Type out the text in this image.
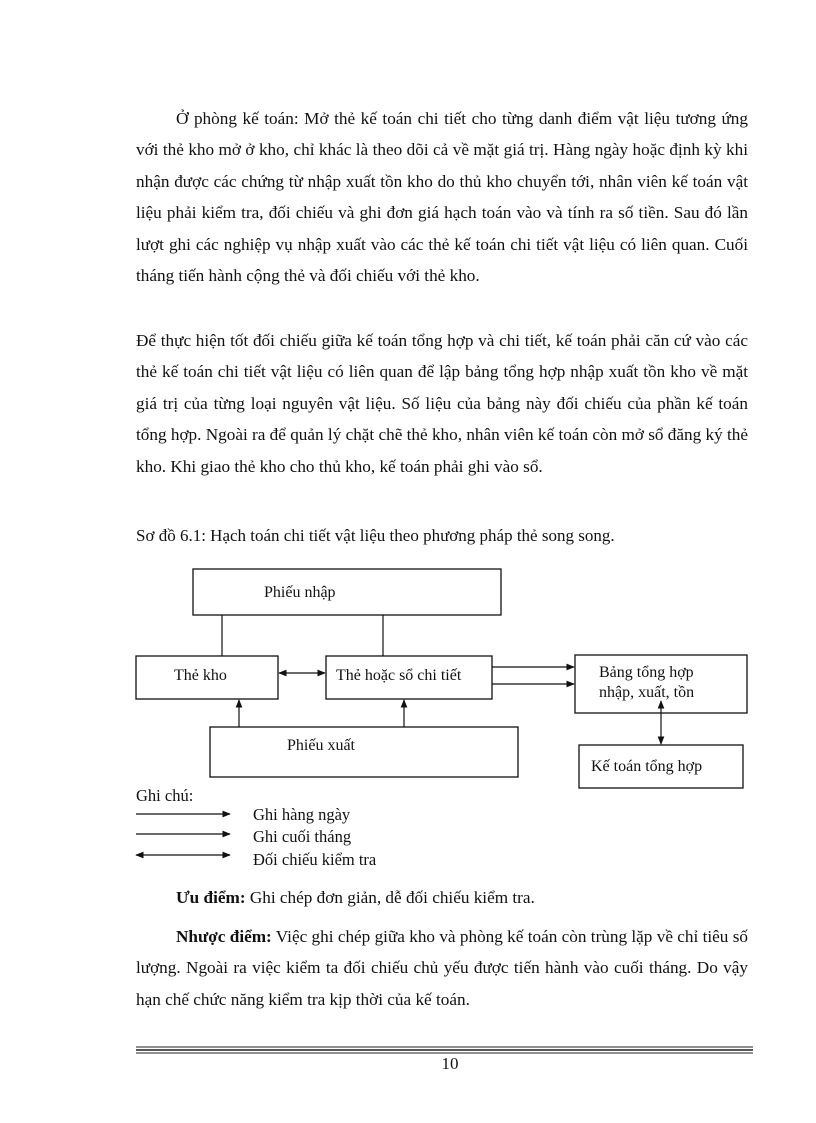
Ở phòng kế toán: Mở thẻ kế toán chi tiết cho từng danh điểm vật liệu tương ứng với thẻ kho mở ở kho, chỉ khác là theo dõi cả về mặt giá trị. Hàng ngày hoặc định kỳ khi nhận được các chứng từ nhập xuất tồn kho do thủ kho chuyển tới, nhân viên kế toán vật liệu phải kiểm tra, đối chiếu và ghi đơn giá hạch toán vào và tính ra số tiền. Sau đó lần lượt ghi các nghiệp vụ nhập xuất vào các thẻ kế toán chi tiết vật liệu có liên quan. Cuối tháng tiến hành cộng thẻ và đối chiếu với thẻ kho.

Để thực hiện tốt đối chiếu giữa kế toán tổng hợp và chi tiết, kế toán phải căn cứ vào các thẻ kế toán chi tiết vật liệu có liên quan để lập bảng tổng hợp nhập xuất tồn kho về mặt giá trị của từng loại nguyên vật liệu. Số liệu của bảng này đối chiếu của phần kế toán tổng hợp. Ngoài ra để quản lý chặt chẽ thẻ kho, nhân viên kế toán còn mở sổ đăng ký thẻ kho. Khi giao thẻ kho cho thủ kho, kế toán phải ghi vào sổ.

Sơ đồ 6.1: Hạch toán chi tiết vật liệu theo phương pháp thẻ song song.
Phiếu nhập
Thẻ kho	Thẻ hoặc sổ chi tiết	Bảng tổng hợp
nhập, xuất, tồn
Phiếu xuất
Kế toán tổng hợp
Ghi chú:
Ghi hàng ngày
Ghi cuối tháng
Đối chiếu kiểm tra

Ưu điểm: Ghi chép đơn giản, dễ đối chiếu kiểm tra.

Nhược điểm: Việc ghi chép giữa kho và phòng kế toán còn trùng lặp về chỉ tiêu số lượng. Ngoài ra việc kiểm ta đối chiếu chủ yếu được tiến hành vào cuối tháng. Do vậy hạn chế chức năng kiểm tra kịp thời của kế toán.

10
